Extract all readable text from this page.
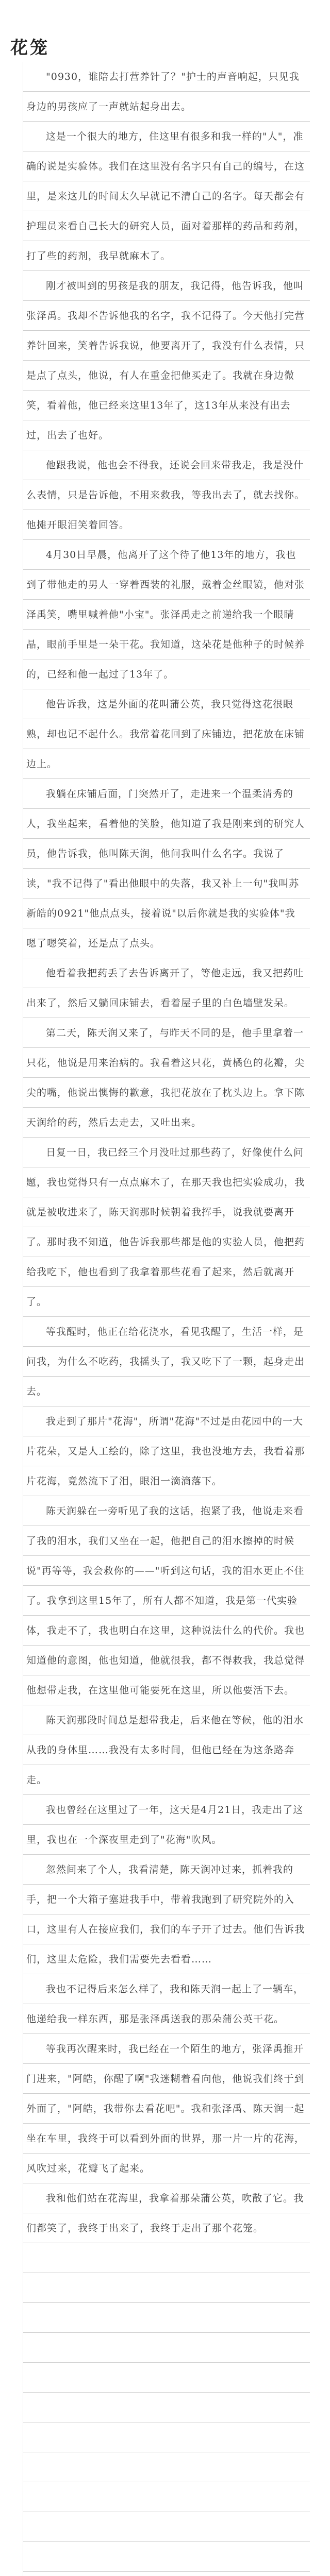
花笼

"0930，谁陪去打营养针了？"护士的声音响起，只见我身边的男孩应了一声就站起身出去。

这是一个很大的地方，住这里有很多和我一样的"人"，准确的说是实验体。我们在这里没有名字只有自己的编号，在这里，是来这儿的时间太久早就记不清自己的名字。每天都会有护理员来看自己长大的研究人员，面对着那样的药品和药剂，打了些的药剂，我早就麻木了。

刚才被叫到的男孩是我的朋友，我记得，他告诉我，他叫张泽禹。我却不告诉他我的名字，我不记得了。今天他打完营养针回来，笑着告诉我说，他要离开了，我没有什么表情，只是点了点头，他说，有人在重金把他买走了。我就在身边微笑，看着他，他已经来这里13年了，这13年从来没有出去过，出去了也好。

他跟我说，他也会不得我，还说会回来带我走，我是没什么表情，只是告诉他，不用来救我，等我出去了，就去找你。他摊开眼泪笑着回答。

4月30日早晨，他离开了这个待了他13年的地方，我也到了带他走的男人一穿着西装的礼服，戴着金丝眼镜，他对张泽禹笑，嘴里喊着他"小宝"。张泽禹走之前递给我一个眼睛晶，眼前手里是一朵干花。我知道，这朵花是他种子的时候养的，已经和他一起过了13年了。

他告诉我，这是外面的花叫蒲公英，我只觉得这花很眼熟，却也记不起什么。我常着花回到了床铺边，把花放在床铺边上。

我躺在床铺后面，门突然开了，走进来一个温柔清秀的人，我坐起来，看着他的笑脸，他知道了我是刚来到的研究人员，他告诉我，他叫陈天润，他问我叫什么名字。我说了读，"我不记得了"看出他眼中的失落，我又补上一句"我叫苏新皓的0921"他点点头，接着说"以后你就是我的实验体"我嗯了嗯笑着，还是点了点头。

他看着我把药丢了去告诉离开了，等他走远，我又把药吐出来了，然后又躺回床铺去，看着屋子里的白色墙壁发呆。

第二天，陈天润又来了，与昨天不同的是，他手里拿着一只花，他说是用来治病的。我看着这只花，黄橘色的花瓣，尖尖的嘴，他说出懊悔的歉意，我把花放在了枕头边上。拿下陈天润给的药，然后去走去，又吐出来。

日复一日，我已经三个月没吐过那些药了，好像使什么问题，我也觉得只有一点点麻木了，在那天我也把实验成功，我就是被收进来了，陈天润那时候朝着我挥手，说我就要离开了。那时我不知道，他告诉我那些都是他的实验人员，他把药给我吃下，他也看到了我拿着那些花看了起来，然后就离开了。

等我醒时，他正在给花浇水，看见我醒了，生活一样，是问我，为什么不吃药，我摇头了，我又吃下了一颗，起身走出去。

我走到了那片"花海"，所谓"花海"不过是由花园中的一大片花朵，又是人工绘的，除了这里，我也没地方去，我看着那片花海，竟然流下了泪，眼泪一滴滴落下。

陈天润躲在一旁听见了我的这话，抱紧了我，他说走来看了我的泪水，我们又坐在一起，他把自己的泪水擦掉的时候说"再等等，我会救你的——"听到这句话，我的泪水更止不住了。我拿到这里15年了，所有人都不知道，我是第一代实验体，我走不了，我也明白在这里，这种说法什么的代价。我也知道他的意图，他也知道，他就很我，都不得救我，我总觉得他想带走我，在这里他可能要死在这里，所以他要活下去。

陈天润那段时间总是想带我走，后来他在等候，他的泪水从我的身体里……我没有太多时间，但他已经在为这条路奔走。

我也曾经在这里过了一年，这天是4月21日，我走出了这里，我也在一个深夜里走到了"花海"吹风。

忽然间来了个人，我看清楚，陈天润冲过来，抓着我的手，把一个大箱子塞进我手中，带着我跑到了研究院外的入口，这里有人在接应我们，我们的车子开了过去。他们告诉我们，这里太危险，我们需要先去看看……

我也不记得后来怎么样了，我和陈天润一起上了一辆车，他递给我一样东西，那是张泽禹送我的那朵蒲公英干花。

等我再次醒来时，我已经在一个陌生的地方，张泽禹推开门进来，"阿皓，你醒了啊"我迷糊着看向他，他说我们终于到外面了，"阿皓，我带你去看花吧"。我和张泽禹、陈天润一起坐在车里，我终于可以看到外面的世界，那一片一片的花海，风吹过来，花瓣飞了起来。

我和他们站在花海里，我拿着那朵蒲公英，吹散了它。我们都笑了，我终于出来了，我终于走出了那个花笼。
